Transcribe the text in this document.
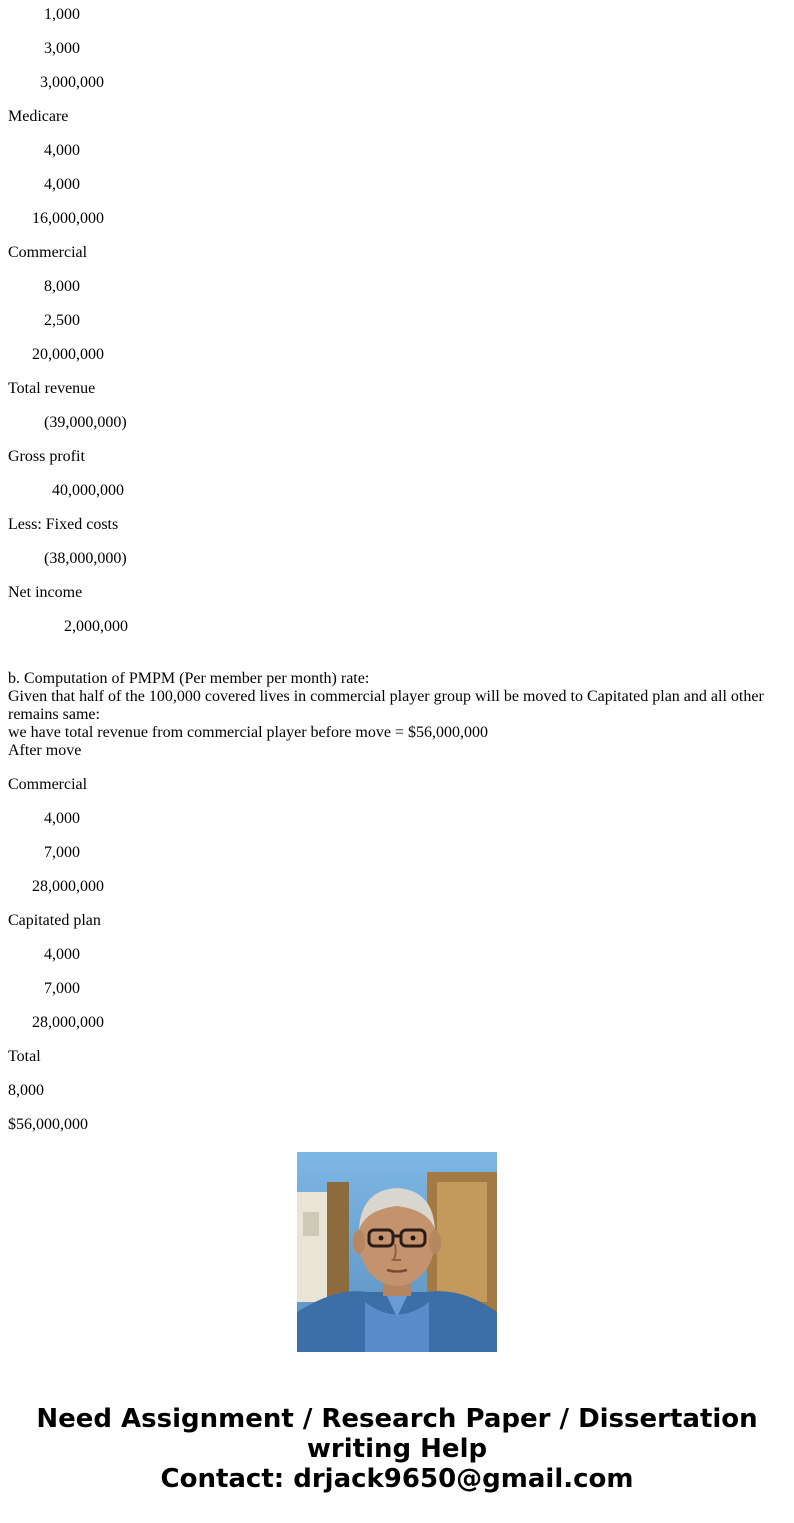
1,000
3,000
3,000,000
Medicare
4,000
4,000
16,000,000
Commercial
8,000
2,500
20,000,000
Total revenue
(39,000,000)
Gross profit
40,000,000
Less: Fixed costs
(38,000,000)
Net income
2,000,000
b. Computation of PMPM (Per member per month) rate:
Given that half of the 100,000 covered lives in commercial player group will be moved to Capitated plan and all other remains same:
we have total revenue from commercial player before move = $56,000,000
After move
Commercial
4,000
7,000
28,000,000
Capitated plan
4,000
7,000
28,000,000
Total
8,000
$56,000,000
Need Assignment / Research Paper / Dissertation
writing Help
Contact: drjack9650@gmail.com
